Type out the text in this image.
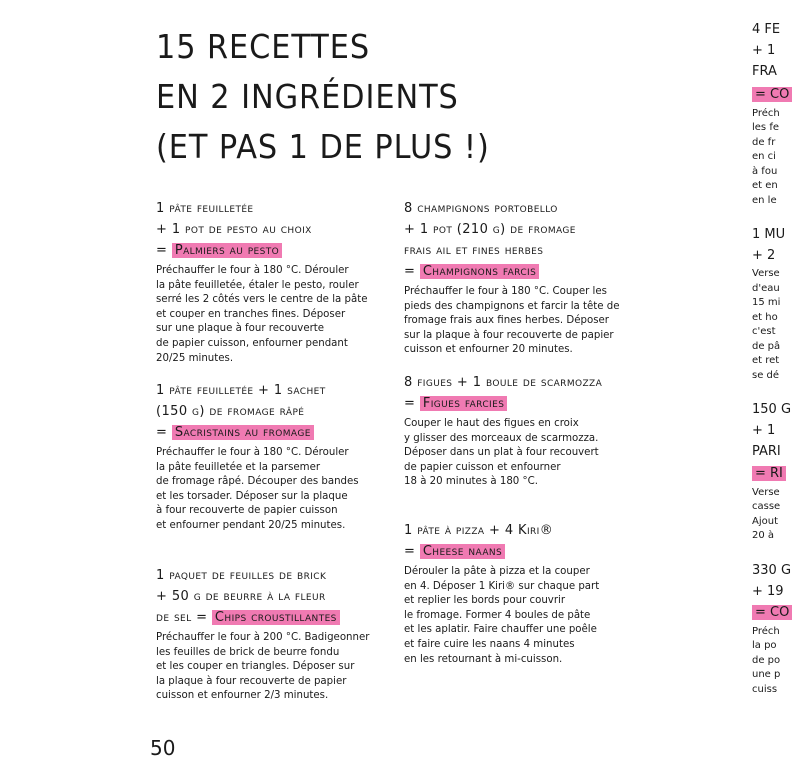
15 RECETTES
EN 2 INGRÉDIENTS
(ET PAS 1 DE PLUS !)
1 pâte feuilletée
+ 1 pot de pesto au choix
= Palmiers au pesto
Préchauffer le four à 180 °C. Dérouler
la pâte feuilletée, étaler le pesto, rouler
serré les 2 côtés vers le centre de la pâte
et couper en tranches fines. Déposer
sur une plaque à four recouverte
de papier cuisson, enfourner pendant
20/25 minutes.
1 pâte feuilletée + 1 sachet
(150 g) de fromage râpé
= Sacristains au fromage
Préchauffer le four à 180 °C. Dérouler
la pâte feuilletée et la parsemer
de fromage râpé. Découper des bandes
et les torsader. Déposer sur la plaque
à four recouverte de papier cuisson
et enfourner pendant 20/25 minutes.
1 paquet de feuilles de brick
+ 50 g de beurre à la fleur
de sel = Chips croustillantes
Préchauffer le four à 200 °C. Badigeonner
les feuilles de brick de beurre fondu
et les couper en triangles. Déposer sur
la plaque à four recouverte de papier
cuisson et enfourner 2/3 minutes.
8 champignons portobello
+ 1 pot (210 g) de fromage
frais ail et fines herbes
= Champignons farcis
Préchauffer le four à 180 °C. Couper les
pieds des champignons et farcir la tête de
fromage frais aux fines herbes. Déposer
sur la plaque à four recouverte de papier
cuisson et enfourner 20 minutes.
8 figues + 1 boule de scarmozza
= Figues farcies
Couper le haut des figues en croix
y glisser des morceaux de scarmozza.
Déposer dans un plat à four recouvert
de papier cuisson et enfourner
18 à 20 minutes à 180 °C.
1 pâte à pizza + 4 Kiri®
= Cheese naans
Dérouler la pâte à pizza et la couper
en 4. Déposer 1 Kiri® sur chaque part
et replier les bords pour couvrir
le fromage. Former 4 boules de pâte
et les aplatir. Faire chauffer une poêle
et faire cuire les naans 4 minutes
en les retournant à mi-cuisson.
4 FE
+ 1
FRA
= CO
Préch
les fe
de fr
en ci
à fou
et en
en le
1 MU
+ 2
Verse
d'eau
15 mi
et ho
c'est
de pâ
et ret
se dé
150 G
+ 1
PARI
= RI
Verse
casse
Ajout
20 à
330 G
+ 19
= CO
Préch
la po
de po
une p
cuiss
50
